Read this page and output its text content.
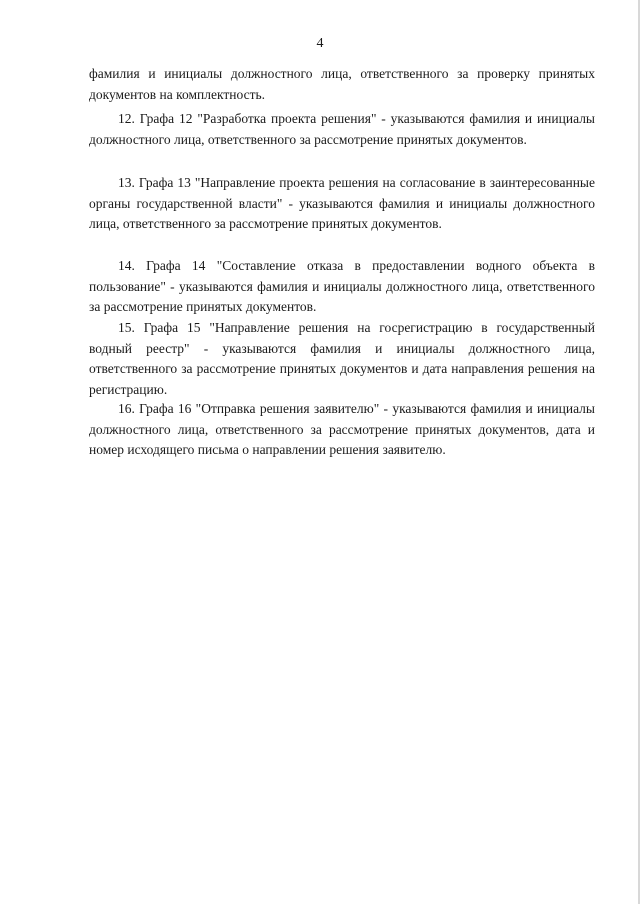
4

фамилия и инициалы должностного лица, ответственного за проверку принятых документов на комплектность.

12. Графа 12 "Разработка проекта решения" - указываются фамилия и инициалы должностного лица, ответственного за рассмотрение принятых документов.

13. Графа 13 "Направление проекта решения на согласование в заинтересованные органы государственной власти" - указываются фамилия и инициалы должностного лица, ответственного за рассмотрение принятых документов.

14. Графа 14 "Составление отказа в предоставлении водного объекта в пользование" - указываются фамилия и инициалы должностного лица, ответственного за рассмотрение принятых документов.

15. Графа 15 "Направление решения на госрегистрацию в государственный водный реестр" - указываются фамилия и инициалы должностного лица, ответственного за рассмотрение принятых документов и дата направления решения на регистрацию.

16. Графа 16 "Отправка решения заявителю" - указываются фамилия и инициалы должностного лица, ответственного за рассмотрение принятых документов, дата и номер исходящего письма о направлении решения заявителю.
